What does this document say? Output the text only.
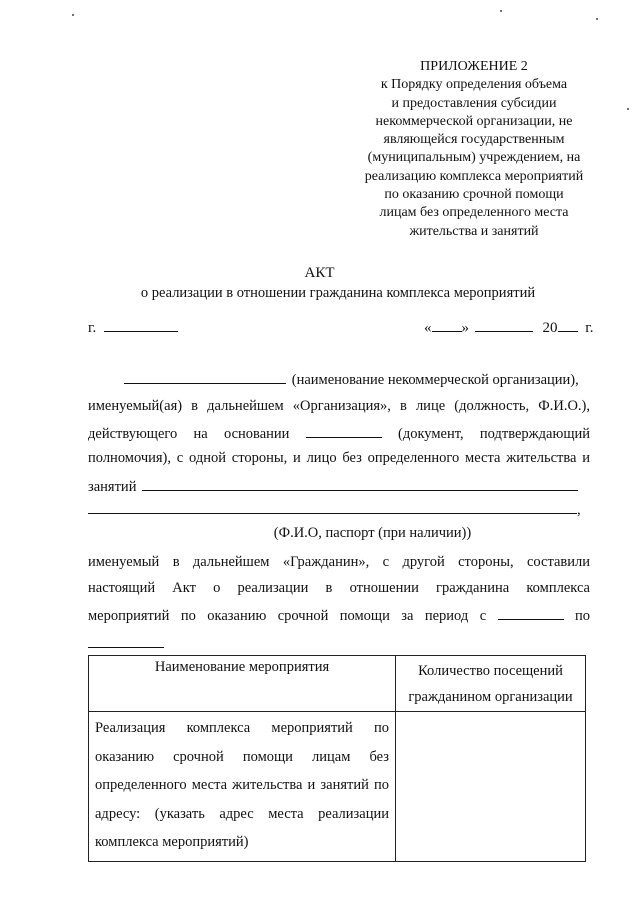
ПРИЛОЖЕНИЕ 2
к Порядку определения объема
и предоставления субсидии
некоммерческой организации, не
являющейся государственным
(муниципальным) учреждением, на
реализацию комплекса мероприятий
по оказанию срочной помощи
лицам без определенного места
жительства и занятий
АКТ
о реализации в отношении гражданина комплекса мероприятий
г.	« »	20 г.
(наименование некоммерческой организации),
именуемый(ая) в дальнейшем «Организация», в лице (должность, Ф.И.О.),
действующего на основании	(документ, подтверждающий
полномочия), с одной стороны, и лицо без определенного места жительства и
занятий
,
(Ф.И.О, паспорт (при наличии))
именуемый в дальнейшем «Гражданин», с другой стороны, составили
настоящий Акт о реализации в отношении гражданина комплекса
мероприятий по оказанию срочной помощи за период с	по
Наименование мероприятия	Количество посещений
гражданином организации

Реализация комплекса мероприятий по оказанию срочной помощи лицам без определенного места жительства и занятий по адресу: (указать адрес места реализации комплекса мероприятий)	
